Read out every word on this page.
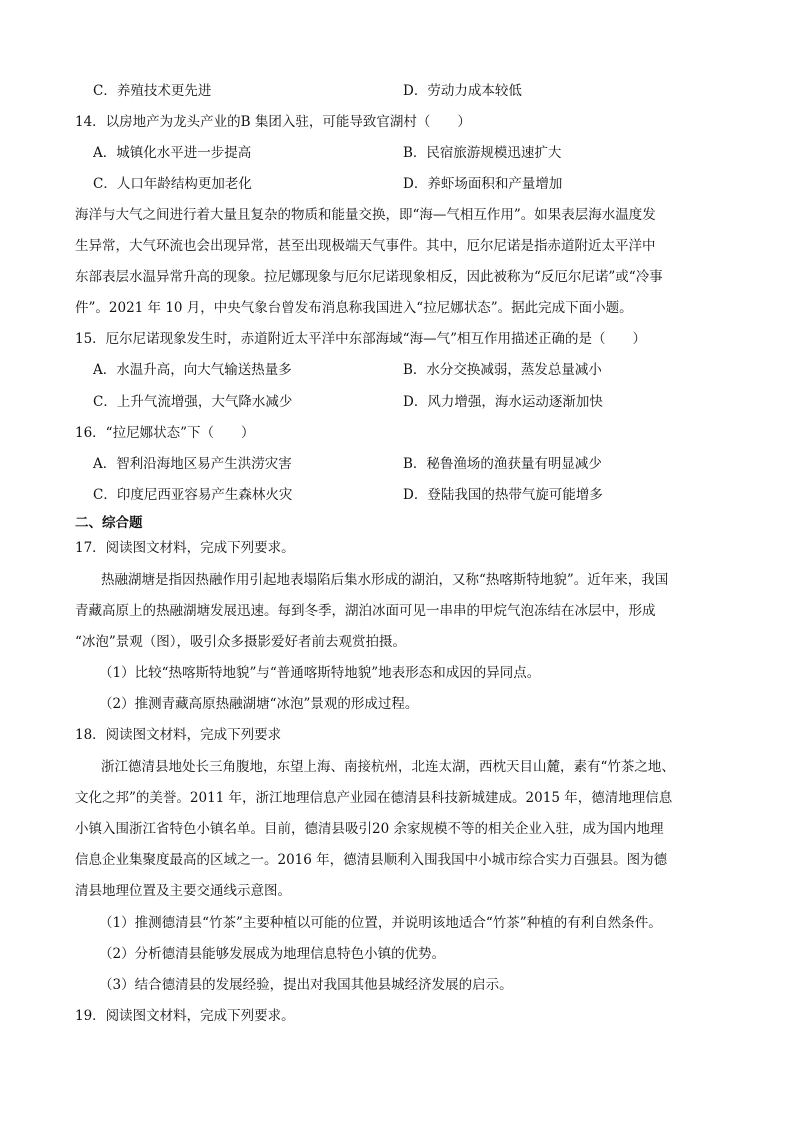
C．养殖技术更先进	D．劳动力成本较低
14．以房地产为龙头产业的B 集团入驻，可能导致官湖村（　　）
A．城镇化水平进一步提高	B．民宿旅游规模迅速扩大
C．人口年龄结构更加老化	D．养虾场面积和产量增加
海洋与大气之间进行着大量且复杂的物质和能量交换，即“海—气相互作用”。如果表层海水温度发
生异常，大气环流也会出现异常，甚至出现极端天气事件。其中，厄尔尼诺是指赤道附近太平洋中
东部表层水温异常升高的现象。拉尼娜现象与厄尔尼诺现象相反，因此被称为“反厄尔尼诺”或“冷事
件”。2021 年 10 月，中央气象台曾发布消息称我国进入“拉尼娜状态”。据此完成下面小题。
15．厄尔尼诺现象发生时，赤道附近太平洋中东部海域“海—气”相互作用描述正确的是（　　）
A．水温升高，向大气输送热量多	B．水分交换减弱，蒸发总量减小
C．上升气流增强，大气降水减少	D．风力增强，海水运动逐渐加快
16．“拉尼娜状态”下（　　）
A．智利沿海地区易产生洪涝灾害	B．秘鲁渔场的渔获量有明显减少
C．印度尼西亚容易产生森林火灾	D．登陆我国的热带气旋可能增多
二、综合题
17．阅读图文材料，完成下列要求。
热融湖塘是指因热融作用引起地表塌陷后集水形成的湖泊，又称“热喀斯特地貌”。近年来，我国
青藏高原上的热融湖塘发展迅速。每到冬季，湖泊冰面可见一串串的甲烷气泡冻结在冰层中，形成
“冰泡”景观（图），吸引众多摄影爱好者前去观赏拍摄。
（1）比较“热喀斯特地貌”与“普通喀斯特地貌”地表形态和成因的异同点。
（2）推测青藏高原热融湖塘“冰泡”景观的形成过程。
18．阅读图文材料，完成下列要求
浙江德清县地处长三角腹地，东望上海、南接杭州，北连太湖，西枕天目山麓，素有“竹茶之地、
文化之邦”的美誉。2011 年，浙江地理信息产业园在德清县科技新城建成。2015 年，德清地理信息
小镇入围浙江省特色小镇名单。目前，德清县吸引20 余家规模不等的相关企业入驻，成为国内地理
信息企业集聚度最高的区域之一。2016 年，德清县顺利入围我国中小城市综合实力百强县。图为德
清县地理位置及主要交通线示意图。
（1）推测德清县“竹茶”主要种植以可能的位置，并说明该地适合“竹茶”种植的有利自然条件。
（2）分析德清县能够发展成为地理信息特色小镇的优势。
（3）结合德清县的发展经验，提出对我国其他县城经济发展的启示。
19．阅读图文材料，完成下列要求。
